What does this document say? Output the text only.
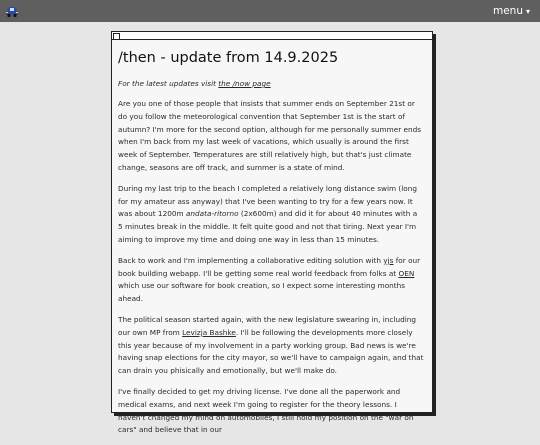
menu ▾
/then - update from 14.9.2025
For the latest updates visit the /now page

Are you one of those people that insists that summer ends on September 21st or do you follow the meteorological convention that September 1st is the start of autumn? I'm more for the second option, although for me personally summer ends when I'm back from my last week of vacations, which usually is around the first week of September. Temperatures are still relatively high, but that's just climate change, seasons are off track, and summer is a state of mind.

During my last trip to the beach I completed a relatively long distance swim (long for my amateur ass anyway) that I've been wanting to try for a few years now. It was about 1200m andata-ritorno (2x600m) and did it for about 40 minutes with a 5 minutes break in the middle. It felt quite good and not that tiring. Next year I'm aiming to improve my time and doing one way in less than 15 minutes.

Back to work and I'm implementing a collaborative editing solution with yjs for our book building webapp. I'll be getting some real world feedback from folks at OEN which use our software for book creation, so I expect some interesting months ahead.

The political season started again, with the new legislature swearing in, including our own MP from Levizja Bashke. I'll be following the developments more closely this year because of my involvement in a party working group. Bad news is we're having snap elections for the city mayor, so we'll have to campaign again, and that can drain you phisically and emotionally, but we'll make do.

I've finally decided to get my driving license. I've done all the paperwork and medical exams, and next week I'm going to register for the theory lessons. I haven't changed my mind on automobiles, I still hold my position on the "war on cars" and believe that in our
